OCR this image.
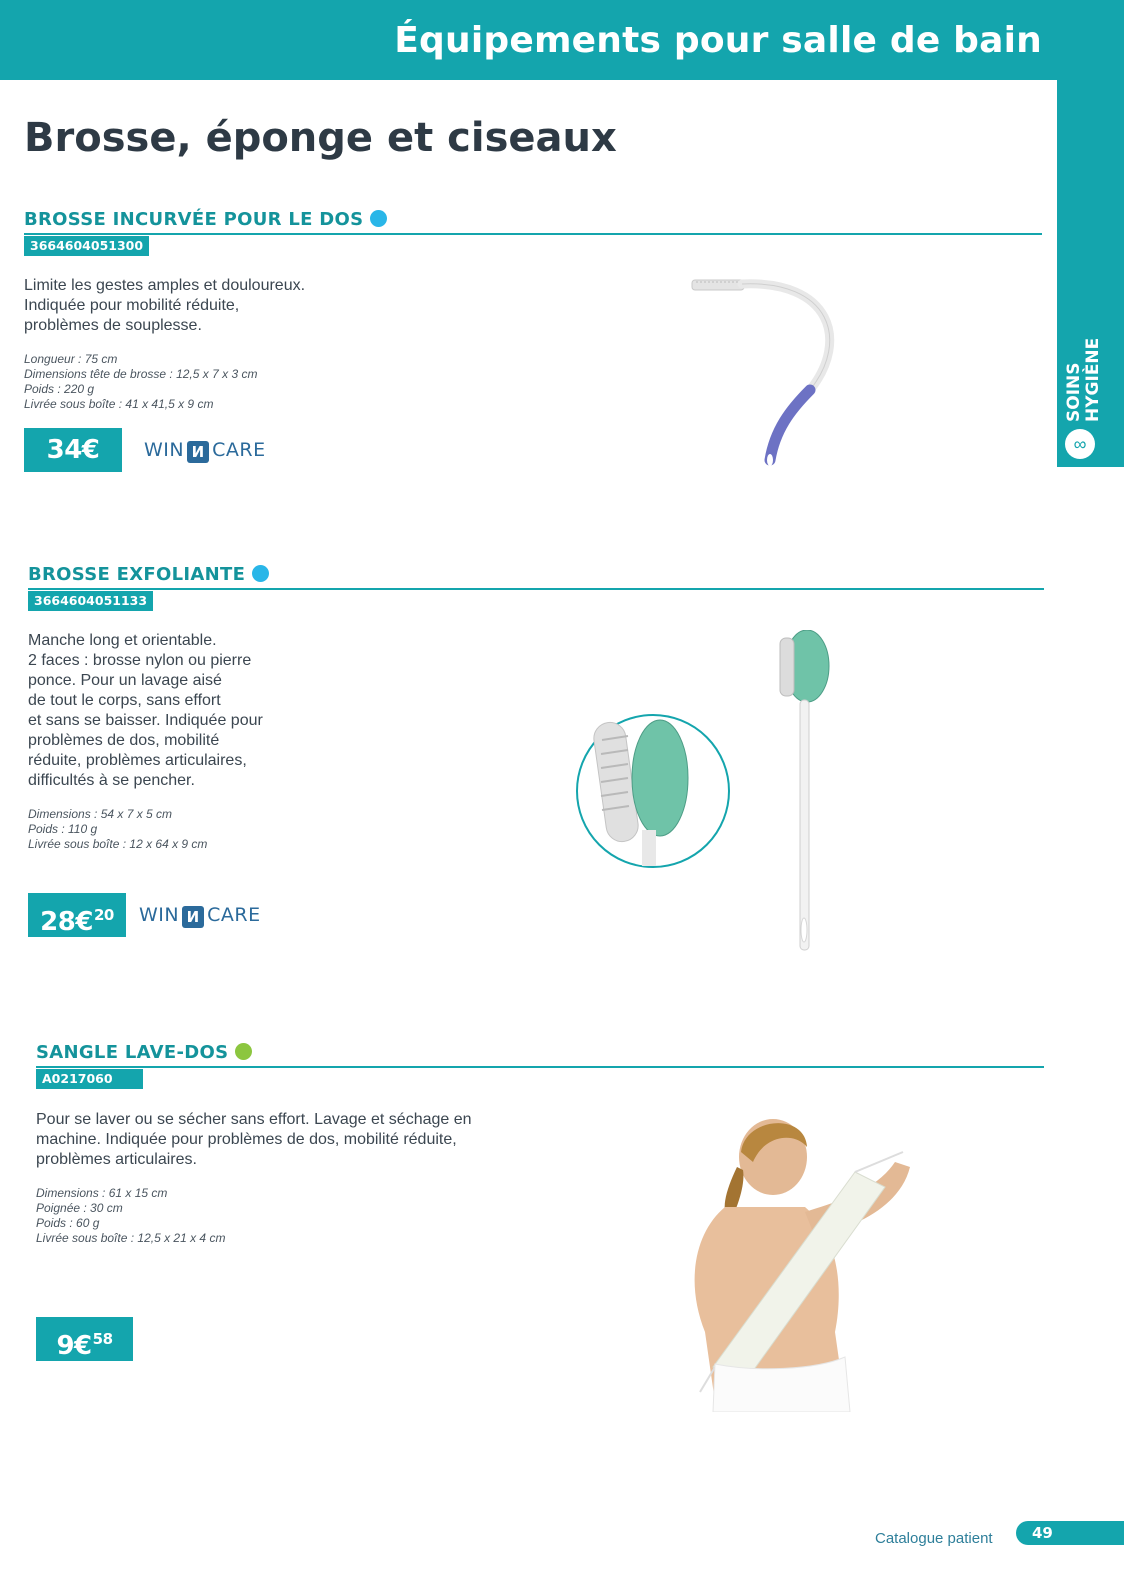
Équipements pour salle de bain
∞
SOINS HYGIÈNE
Brosse, éponge et ciseaux
BROSSE INCURVÉE POUR LE DOS
3664604051300
Limite les gestes amples et douloureux.
Indiquée pour mobilité réduite,
problèmes de souplesse.
Longueur : 75 cm
Dimensions tête de brosse : 12,5 x 7 x 3 cm
Poids : 220 g
Livrée sous boîte : 41 x 41,5 x 9 cm
34€	WIN И CARE
BROSSE EXFOLIANTE
3664604051133
Manche long et orientable.
2 faces : brosse nylon ou pierre
ponce. Pour un lavage aisé
de tout le corps, sans effort
et sans se baisser. Indiquée pour
problèmes de dos, mobilité
réduite, problèmes articulaires,
difficultés à se pencher.
Dimensions : 54 x 7 x 5 cm
Poids : 110 g
Livrée sous boîte : 12 x 64 x 9 cm
28€$^{20}$	WIN И CARE
SANGLE LAVE-DOS
A0217060
Pour se laver ou se sécher sans effort. Lavage et séchage en
machine. Indiquée pour problèmes de dos, mobilité réduite,
problèmes articulaires.
Dimensions : 61 x 15 cm
Poignée : 30 cm
Poids : 60 g
Livrée sous boîte : 12,5 x 21 x 4 cm
9€$^{58}$
Catalogue patient	49
